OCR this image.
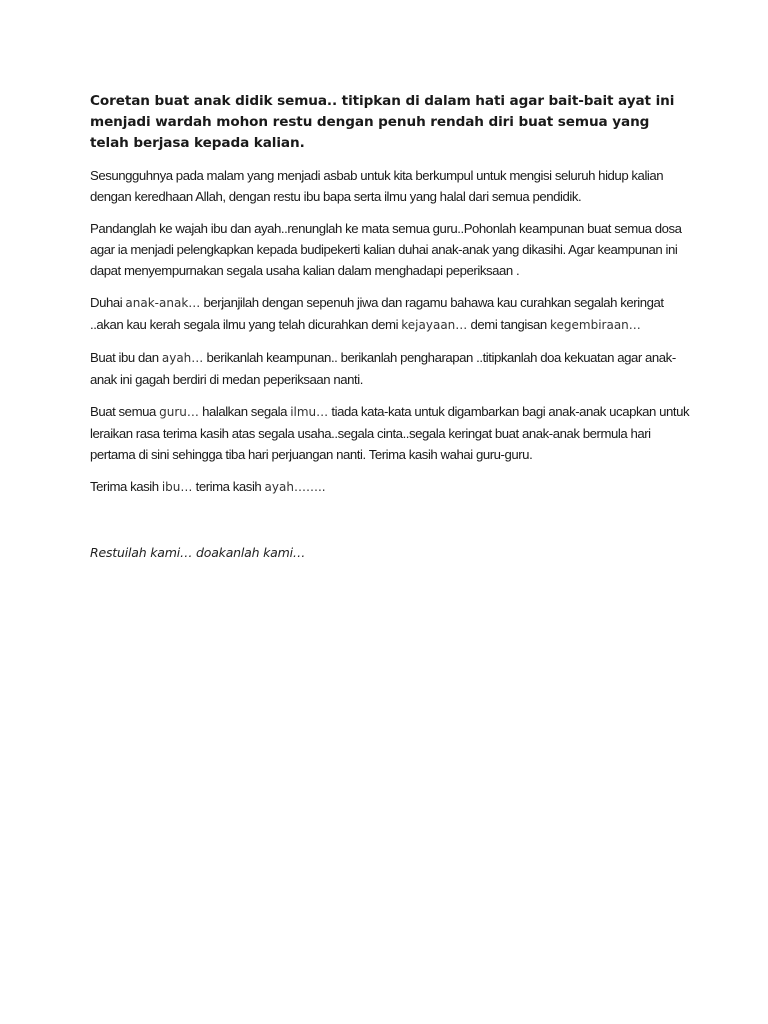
Coretan buat anak didik semua.. titipkan di dalam hati agar bait-bait ayat ini menjadi wardah mohon restu dengan penuh rendah diri buat semua yang telah berjasa kepada kalian.

Sesungguhnya pada malam yang menjadi asbab untuk kita berkumpul untuk mengisi seluruh hidup kalian dengan keredhaan Allah, dengan restu ibu bapa serta ilmu yang halal dari semua pendidik.

Pandanglah ke wajah ibu dan ayah..renunglah ke mata semua guru..Pohonlah keampunan buat semua dosa agar ia menjadi pelengkapkan kepada budipekerti kalian duhai anak-anak yang dikasihi. Agar keampunan ini dapat menyempurnakan segala usaha kalian dalam menghadapi peperiksaan .

Duhai anak-anak… berjanjilah dengan sepenuh jiwa dan ragamu bahawa kau curahkan segalah keringat ..akan kau kerah segala ilmu yang telah dicurahkan demi kejayaan… demi tangisan kegembiraan…

Buat ibu dan ayah… berikanlah keampunan.. berikanlah pengharapan ..titipkanlah doa kekuatan agar anak-anak ini gagah berdiri di medan peperiksaan nanti.

Buat semua guru… halalkan segala ilmu… tiada kata-kata untuk digambarkan bagi anak-anak ucapkan untuk leraikan rasa terima kasih atas segala usaha..segala cinta..segala keringat buat anak-anak bermula hari pertama di sini sehingga tiba hari perjuangan nanti. Terima kasih wahai guru-guru.

Terima kasih ibu… terima kasih ayah……..

Restuilah kami… doakanlah kami…
